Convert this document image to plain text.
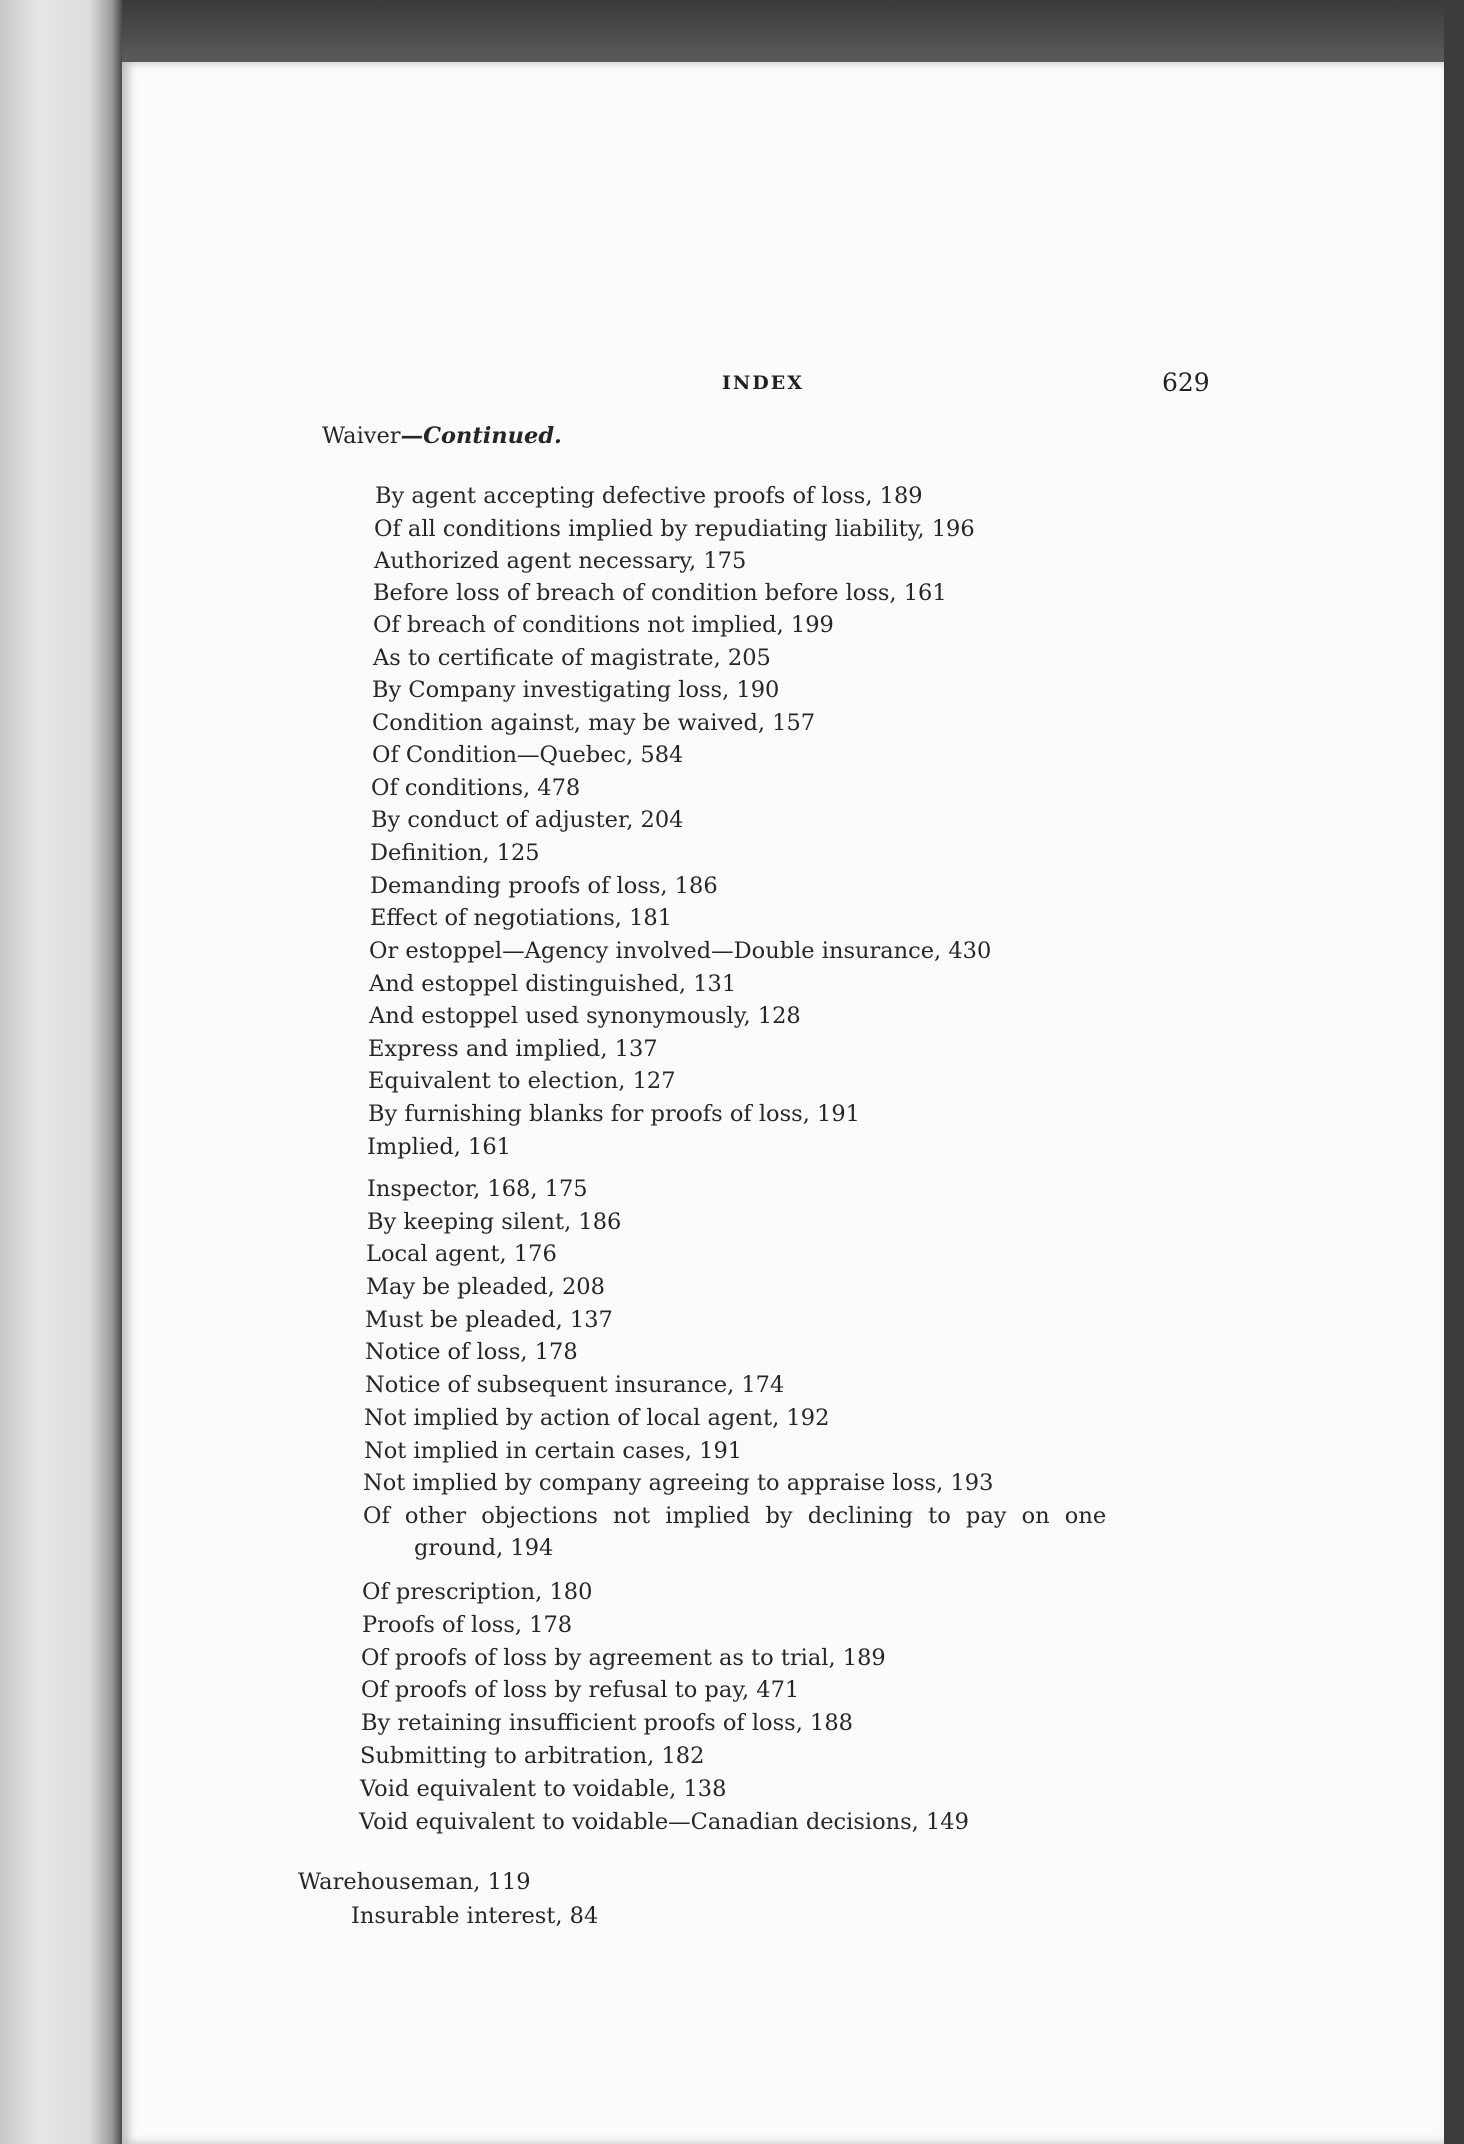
INDEX	629
Waiver—Continued.
By agent accepting defective proofs of loss, 189
Of all conditions implied by repudiating liability, 196
Authorized agent necessary, 175
Before loss of breach of condition before loss, 161
Of breach of conditions not implied, 199
As to certificate of magistrate, 205
By Company investigating loss, 190
Condition against, may be waived, 157
Of Condition—Quebec, 584
Of conditions, 478
By conduct of adjuster, 204
Definition, 125
Demanding proofs of loss, 186
Effect of negotiations, 181
Or estoppel—Agency involved—Double insurance, 430
And estoppel distinguished, 131
And estoppel used synonymously, 128
Express and implied, 137
Equivalent to election, 127
By furnishing blanks for proofs of loss, 191
Implied, 161
Inspector, 168, 175
By keeping silent, 186
Local agent, 176
May be pleaded, 208
Must be pleaded, 137
Notice of loss, 178
Notice of subsequent insurance, 174
Not implied by action of local agent, 192
Not implied in certain cases, 191
Not implied by company agreeing to appraise loss, 193
Of other objections not implied by declining to pay on one
ground, 194
Of prescription, 180
Proofs of loss, 178
Of proofs of loss by agreement as to trial, 189
Of proofs of loss by refusal to pay, 471
By retaining insufficient proofs of loss, 188
Submitting to arbitration, 182
Void equivalent to voidable, 138
Void equivalent to voidable—Canadian decisions, 149
Warehouseman, 119
Insurable interest, 84
